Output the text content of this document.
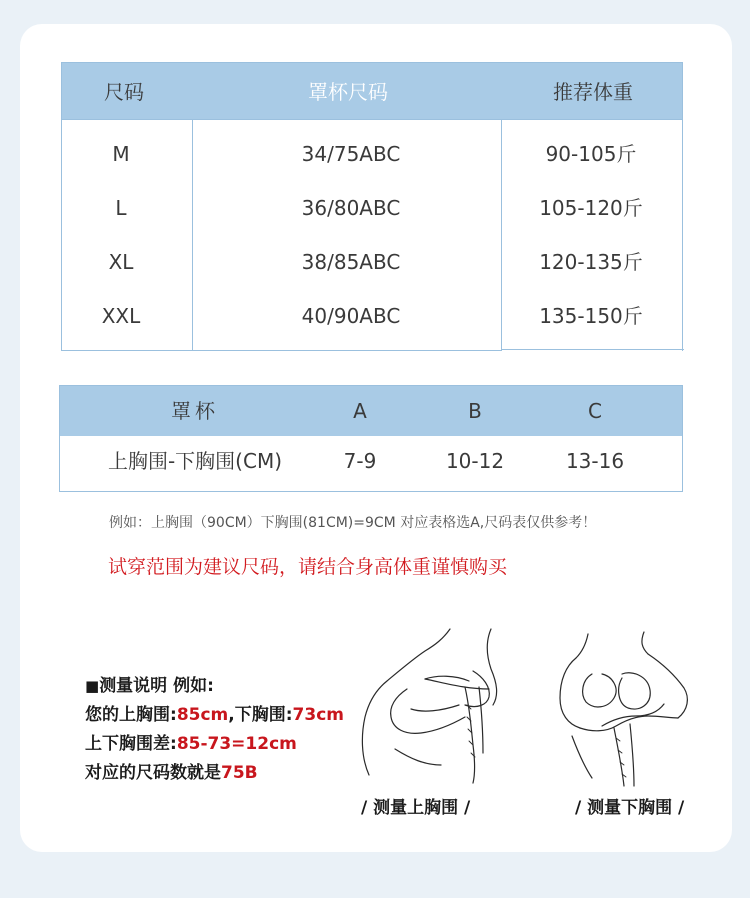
尺码	罩杯尺码	推荐体重
M	34/75ABC	90-105斤
L	36/80ABC	105-120斤
XL	38/85ABC	120-135斤
XXL	40/90ABC	135-150斤
罩杯	A	B	C
上胸围-下胸围(CM)	7-9	10-12	13-16
例如：上胸围（90CM）下胸围(81CM)=9CM 对应表格选A,尺码表仅供参考！
试穿范围为建议尺码，请结合身高体重谨慎购买
■测量说明 例如:
您的上胸围:85cm,下胸围:73cm
上下胸围差:85-73=12cm
对应的尺码数就是75B
/ 测量上胸围 /	/ 测量下胸围 /
